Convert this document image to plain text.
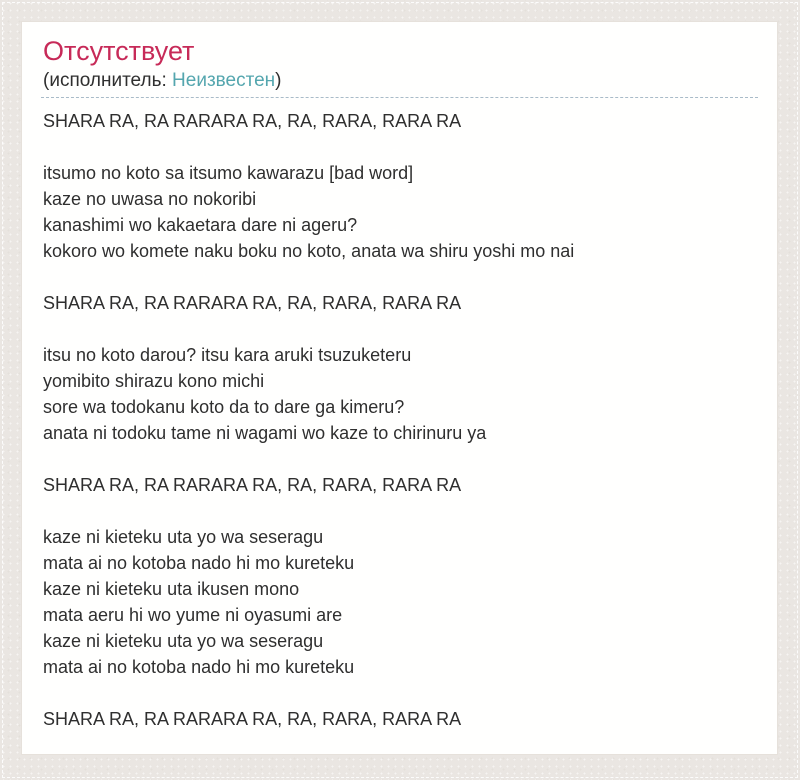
Отсутствует
(исполнитель: Неизвестен)
SHARA RA, RA RARARA RA, RA, RARA, RARA RA
itsumo no koto sa itsumo kawarazu [bad word]
kaze no uwasa no nokoribi
kanashimi wo kakaetara dare ni ageru?
kokoro wo komete naku boku no koto, anata wa shiru yoshi mo nai
SHARA RA, RA RARARA RA, RA, RARA, RARA RA
itsu no koto darou? itsu kara aruki tsuzuketeru
yomibito shirazu kono michi
sore wa todokanu koto da to dare ga kimeru?
anata ni todoku tame ni wagami wo kaze to chirinuru ya
SHARA RA, RA RARARA RA, RA, RARA, RARA RA
kaze ni kieteku uta yo wa seseragu
mata ai no kotoba nado hi mo kureteku
kaze ni kieteku uta ikusen mono
mata aeru hi wo yume ni oyasumi are
kaze ni kieteku uta yo wa seseragu
mata ai no kotoba nado hi mo kureteku
SHARA RA, RA RARARA RA, RA, RARA, RARA RA
